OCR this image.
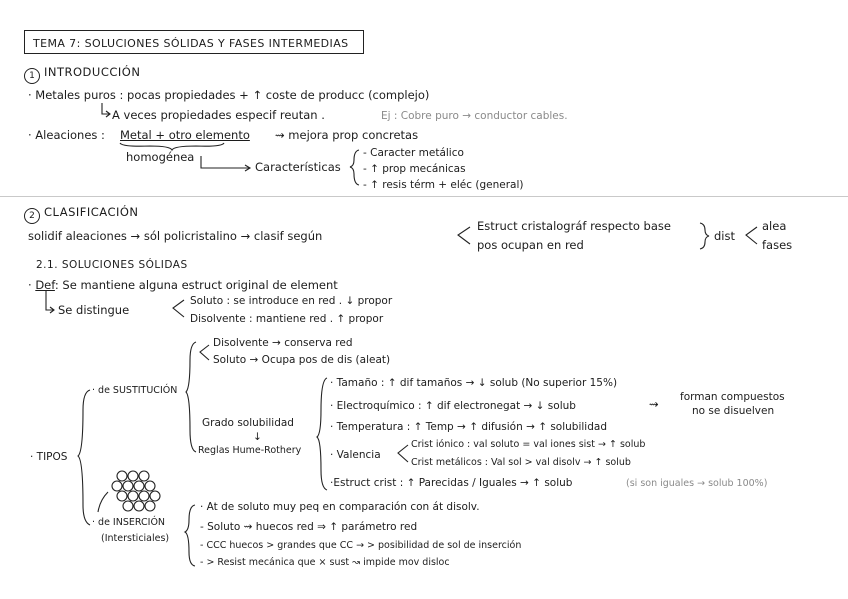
TEMA 7: SOLUCIONES SÓLIDAS Y FASES INTERMEDIAS
1 INTRODUCCIÓN
· Metales puros : pocas propiedades + ↑ coste de producc (complejo)
A veces propiedades especif reutan .	Ej : Cobre puro → conductor cables.
· Aleaciones : Metal + otro elemento ⇝ mejora prop concretas
homogénea
Características
- Caracter metálico
- ↑ prop mecánicas
- ↑ resis térm + eléc (general)
2 CLASIFICACIÓN
solidif aleaciones → sól policristalino → clasif según
Estruct cristalográf respecto base
pos ocupan en red
dist
alea
fases
2.1. SOLUCIONES SÓLIDAS
· Def: Se mantiene alguna estruct original de element
Se distingue
Soluto : se introduce en red . ↓ propor
Disolvente : mantiene red . ↑ propor
· TIPOS
· de SUSTITUCIÓN
Disolvente → conserva red
Soluto → Ocupa pos de dis (aleat)
Grado solubilidad
↓
Reglas Hume-Rothery
· Tamaño : ↑ dif tamaños → ↓ solub (No superior 15%)
· Electroquímico : ↑ dif electronegat → ↓ solub	⇝ forman compuestos
no se disuelven
· Temperatura : ↑ Temp → ↑ difusión → ↑ solubilidad
· Valencia
Crist iónico : val soluto = val iones sist → ↑ solub
Crist metálicos : Val sol > val disolv → ↑ solub
·Estruct crist : ↑ Parecidas / Iguales → ↑ solub	(si son iguales → solub 100%)
· de INSERCIÓN
(Intersticiales)
· At de soluto muy peq en comparación con át disolv.
- Soluto ⇝ huecos red ⇒ ↑ parámetro red
- CCC huecos > grandes que CC → > posibilidad de sol de inserción
- > Resist mecánica que × sust ↝ impide mov disloc
